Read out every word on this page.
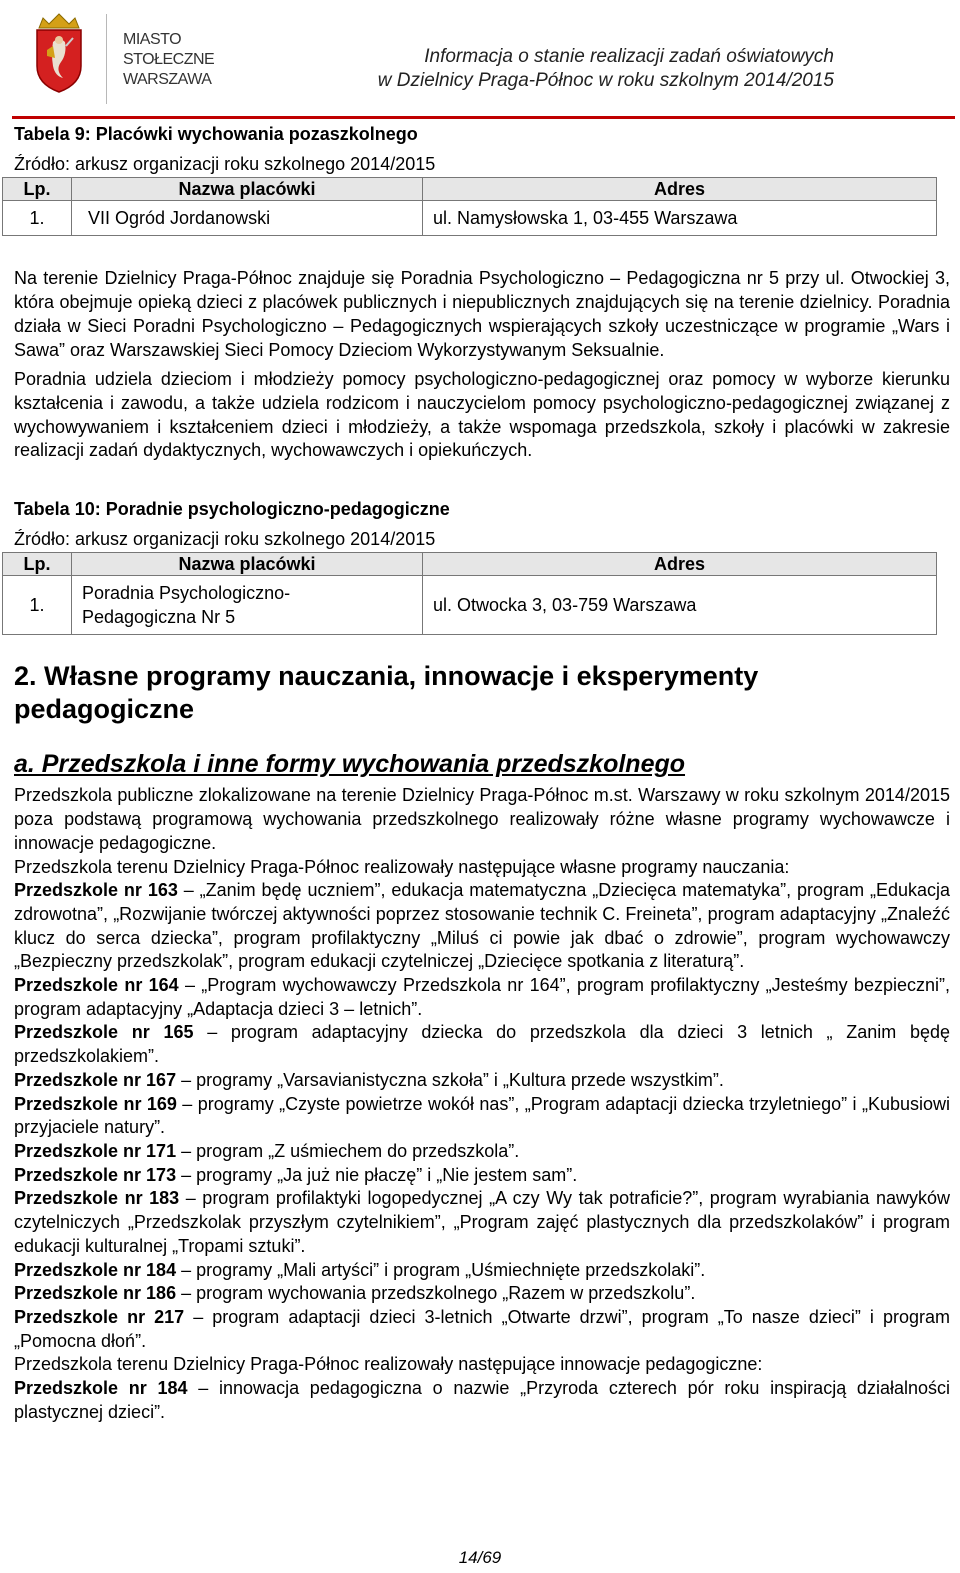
MIASTO
STOŁECZNE
WARSZAWA
Informacja o stanie realizacji zadań oświatowych
w Dzielnicy Praga-Północ w roku szkolnym 2014/2015

Tabela 9: Placówki wychowania pozaszkolnego

Źródło: arkusz organizacji roku szkolnego 2014/2015

Lp.	Nazwa placówki	Adres
1.	VII Ogród Jordanowski	ul. Namysłowska 1, 03-455 Warszawa

Na terenie Dzielnicy Praga-Północ znajduje się Poradnia Psychologiczno – Pedagogiczna nr 5 przy ul. Otwockiej 3, która obejmuje opieką dzieci z placówek publicznych i niepublicznych znajdujących się na terenie dzielnicy. Poradnia działa w Sieci Poradni Psychologiczno – Pedagogicznych wspierających szkoły uczestniczące w programie „Wars i Sawa” oraz Warszawskiej Sieci Pomocy Dzieciom Wykorzystywanym Seksualnie.

Poradnia udziela dzieciom i młodzieży pomocy psychologiczno-pedagogicznej oraz pomocy w wyborze kierunku kształcenia i zawodu, a także udziela rodzicom i nauczycielom pomocy psychologiczno-pedagogicznej związanej z wychowywaniem i kształceniem dzieci i młodzieży, a także wspomaga przedszkola, szkoły i placówki w zakresie realizacji zadań dydaktycznych, wychowawczych i opiekuńczych.

Tabela 10: Poradnie psychologiczno-pedagogiczne

Źródło: arkusz organizacji roku szkolnego 2014/2015

Lp.	Nazwa placówki	Adres
1.	Poradnia Psychologiczno-
Pedagogiczna Nr 5	ul. Otwocka 3, 03-759 Warszawa
2. Własne programy nauczania, innowacje i eksperymenty pedagogiczne
a. Przedszkola i inne formy wychowania przedszkolnego

Przedszkola publiczne zlokalizowane na terenie Dzielnicy Praga-Północ m.st. Warszawy w roku szkolnym 2014/2015 poza podstawą programową wychowania przedszkolnego realizowały różne własne programy wychowawcze i innowacje pedagogiczne.

Przedszkola terenu Dzielnicy Praga-Północ realizowały następujące własne programy nauczania:

Przedszkole nr 163 – „Zanim będę uczniem”, edukacja matematyczna „Dziecięca matematyka”, program „Edukacja zdrowotna”, „Rozwijanie twórczej aktywności poprzez stosowanie technik C. Freineta”, program adaptacyjny „Znaleźć klucz do serca dziecka”, program profilaktyczny „Miluś ci powie jak dbać o zdrowie”, program wychowawczy „Bezpieczny przedszkolak”, program edukacji czytelniczej „Dziecięce spotkania z literaturą”.

Przedszkole nr 164 – „Program wychowawczy Przedszkola nr 164”, program profilaktyczny „Jesteśmy bezpieczni”, program adaptacyjny „Adaptacja dzieci 3 – letnich”.

Przedszkole nr 165 – program adaptacyjny dziecka do przedszkola dla dzieci 3 letnich „ Zanim będę przedszkolakiem”.

Przedszkole nr 167 – programy „Varsavianistyczna szkoła” i „Kultura przede wszystkim”.

Przedszkole nr 169 – programy „Czyste powietrze wokół nas”, „Program adaptacji dziecka trzyletniego” i „Kubusiowi przyjaciele natury”.

Przedszkole nr 171 – program „Z uśmiechem do przedszkola”.

Przedszkole nr 173 – programy „Ja już nie płaczę” i „Nie jestem sam”.

Przedszkole nr 183 – program profilaktyki logopedycznej „A czy Wy tak potraficie?”, program wyrabiania nawyków czytelniczych „Przedszkolak przyszłym czytelnikiem”, „Program zajęć plastycznych dla przedszkolaków” i program edukacji kulturalnej „Tropami sztuki”.

Przedszkole nr 184 – programy „Mali artyści” i program „Uśmiechnięte przedszkolaki”.

Przedszkole nr 186 – program wychowania przedszkolnego „Razem w przedszkolu”.

Przedszkole nr 217 – program adaptacji dzieci 3-letnich „Otwarte drzwi”, program „To nasze dzieci” i program „Pomocna dłoń”.

Przedszkola terenu Dzielnicy Praga-Północ realizowały następujące innowacje pedagogiczne:

Przedszkole nr 184 – innowacja pedagogiczna o nazwie „Przyroda czterech pór roku inspiracją działalności plastycznej dzieci”.

14/69
